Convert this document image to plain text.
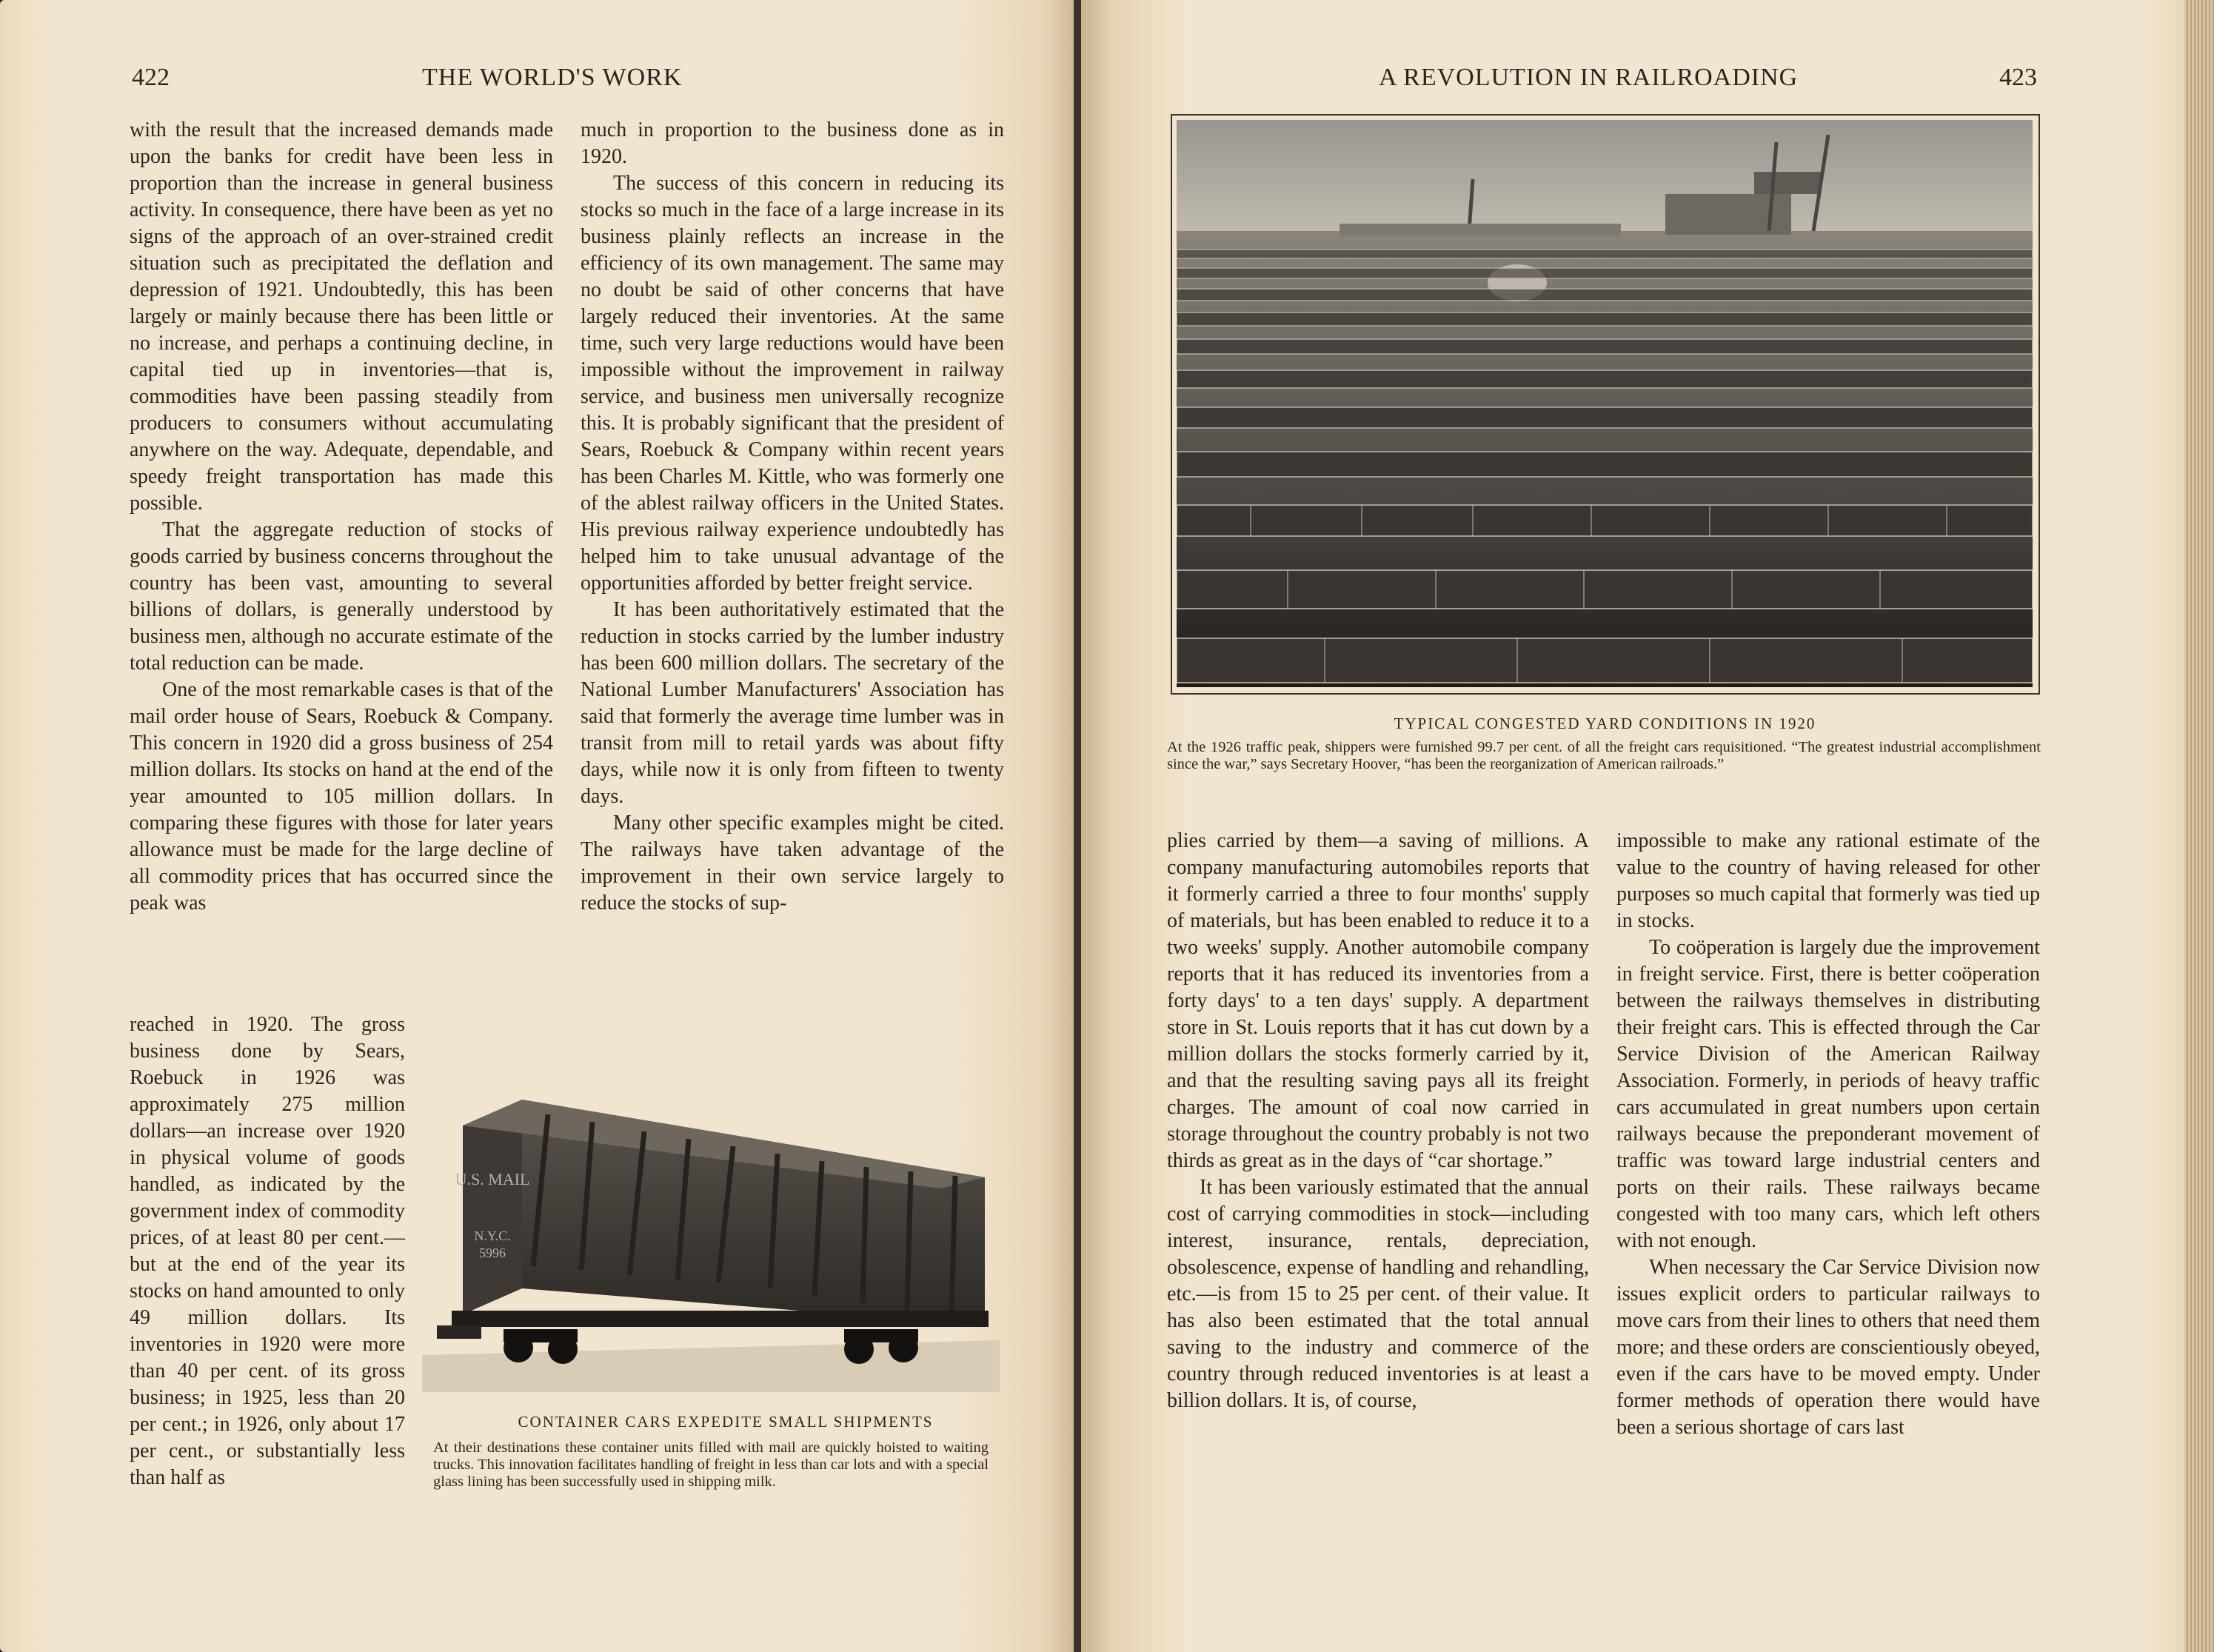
422	THE WORLD'S WORK

with the result that the increased demands made upon the banks for credit have been less in proportion than the increase in general business activity. In consequence, there have been as yet no signs of the approach of an over-strained credit situation such as precipitated the deflation and depression of 1921. Undoubtedly, this has been largely or mainly because there has been little or no increase, and perhaps a continuing decline, in capital tied up in inventories—that is, commodities have been passing steadily from producers to consumers without accumulating anywhere on the way. Adequate, dependable, and speedy freight transportation has made this possible.

That the aggregate reduction of stocks of goods carried by business concerns throughout the country has been vast, amounting to several billions of dollars, is generally understood by business men, although no accurate estimate of the total reduction can be made.

One of the most remarkable cases is that of the mail order house of Sears, Roebuck & Company. This concern in 1920 did a gross business of 254 million dollars. Its stocks on hand at the end of the year amounted to 105 million dollars. In comparing these figures with those for later years allowance must be made for the large decline of all commodity prices that has occurred since the peak was

reached in 1920. The gross business done by Sears, Roebuck in 1926 was approximately 275 million dollars—an increase over 1920 in physical volume of goods handled, as indicated by the government index of commodity prices, of at least 80 per cent.—but at the end of the year its stocks on hand amounted to only 49 million dollars. Its inventories in 1920 were more than 40 per cent. of its gross business; in 1925, less than 20 per cent.; in 1926, only about 17 per cent., or substantially less than half as

much in proportion to the business done as in 1920.

The success of this concern in reducing its stocks so much in the face of a large increase in its business plainly reflects an increase in the efficiency of its own management. The same may no doubt be said of other concerns that have largely reduced their inventories. At the same time, such very large reductions would have been impossible without the improvement in railway service, and business men universally recognize this. It is probably significant that the president of Sears, Roebuck & Company within recent years has been Charles M. Kittle, who was formerly one of the ablest railway officers in the United States. His previous railway experience undoubtedly has helped him to take unusual advantage of the opportunities afforded by better freight service.

It has been authoritatively estimated that the reduction in stocks carried by the lumber industry has been 600 million dollars. The secretary of the National Lumber Manufacturers' Association has said that formerly the average time lumber was in transit from mill to retail yards was about fifty days, while now it is only from fifteen to twenty days.

Many other specific examples might be cited. The railways have taken advantage of the improvement in their own service largely to reduce the stocks of sup-

U.S. MAIL
N.Y.C.
5996
CONTAINER CARS EXPEDITE SMALL SHIPMENTS
At their destinations these container units filled with mail are quickly hoisted to waiting trucks. This innovation facilitates handling of freight in less than car lots and with a special glass lining has been successfully used in shipping milk.
A REVOLUTION IN RAILROADING	423
TYPICAL CONGESTED YARD CONDITIONS IN 1920
At the 1926 traffic peak, shippers were furnished 99.7 per cent. of all the freight cars requisitioned. “The greatest industrial accomplishment since the war,” says Secretary Hoover, “has been the reorganization of American railroads.”

plies carried by them—a saving of millions. A company manufacturing automobiles reports that it formerly carried a three to four months' supply of materials, but has been enabled to reduce it to a two weeks' supply. Another automobile company reports that it has reduced its inventories from a forty days' to a ten days' supply. A department store in St. Louis reports that it has cut down by a million dollars the stocks formerly carried by it, and that the resulting saving pays all its freight charges. The amount of coal now carried in storage throughout the country probably is not two thirds as great as in the days of “car shortage.”

It has been variously estimated that the annual cost of carrying commodities in stock—including interest, insurance, rentals, depreciation, obsolescence, expense of handling and rehandling, etc.—is from 15 to 25 per cent. of their value. It has also been estimated that the total annual saving to the industry and commerce of the country through reduced inventories is at least a billion dollars. It is, of course,

impossible to make any rational estimate of the value to the country of having released for other purposes so much capital that formerly was tied up in stocks.

To coöperation is largely due the improvement in freight service. First, there is better coöperation between the railways themselves in distributing their freight cars. This is effected through the Car Service Division of the American Railway Association. Formerly, in periods of heavy traffic cars accumulated in great numbers upon certain railways because the preponderant movement of traffic was toward large industrial centers and ports on their rails. These railways became congested with too many cars, which left others with not enough.

When necessary the Car Service Division now issues explicit orders to particular railways to move cars from their lines to others that need them more; and these orders are conscientiously obeyed, even if the cars have to be moved empty. Under former methods of operation there would have been a serious shortage of cars last
